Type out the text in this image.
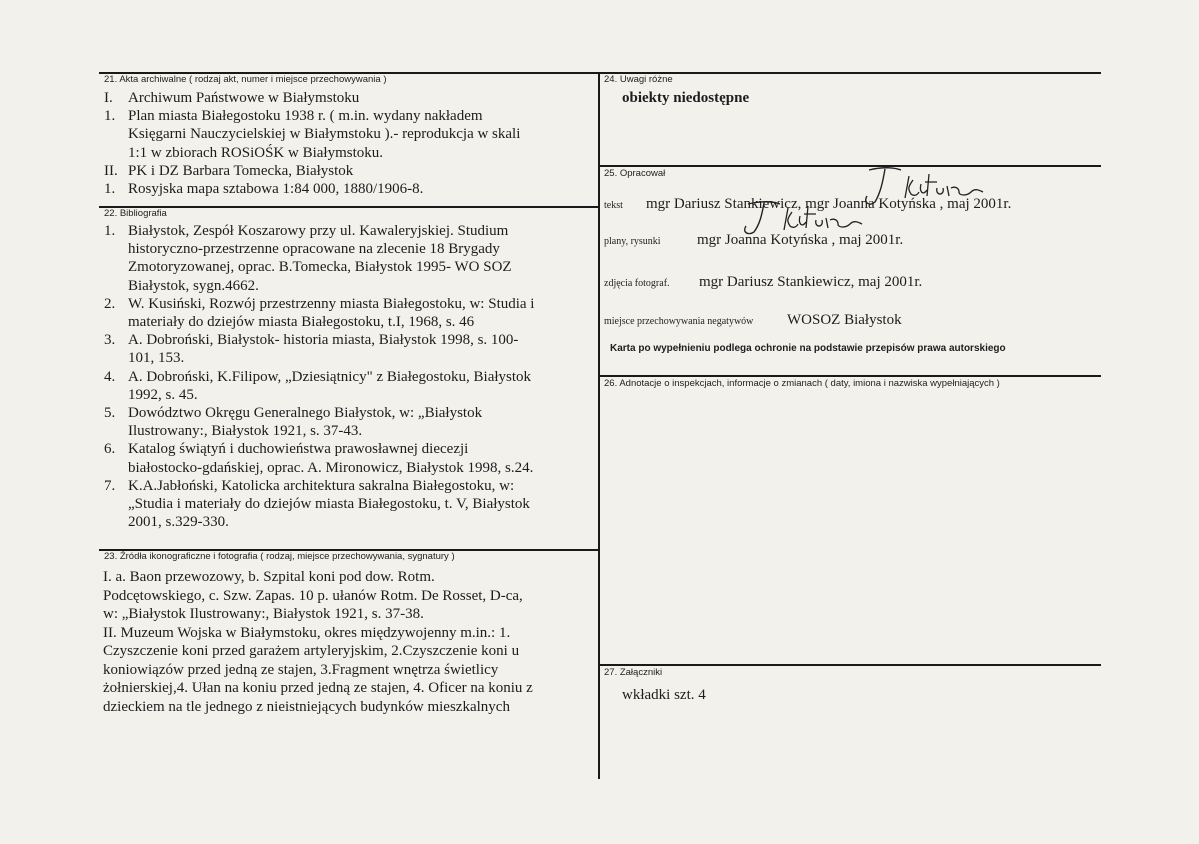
21. Akta archiwalne ( rodzaj akt, numer i miejsce przechowywania )
I. Archiwum Państwowe w Białymstoku
1. Plan miasta Białegostoku 1938 r. ( m.in. wydany nakładem
Księgarni Nauczycielskiej w Białymstoku ).- reprodukcja w skali
1:1 w zbiorach ROSiOŚK w Białymstoku.
II. PK i DZ Barbara Tomecka, Białystok
1. Rosyjska mapa sztabowa 1:84 000, 1880/1906-8.
22. Bibliografia
1. Białystok, Zespół Koszarowy przy ul. Kawaleryjskiej. Studium
historyczno-przestrzenne opracowane na zlecenie 18 Brygady
Zmotoryzowanej, oprac. B.Tomecka, Białystok 1995- WO SOZ
Białystok, sygn.4662.
2. W. Kusiński, Rozwój przestrzenny miasta Białegostoku, w: Studia i
materiały do dziejów miasta Białegostoku, t.I, 1968, s. 46
3. A. Dobroński, Białystok- historia miasta, Białystok 1998, s. 100-
101, 153.
4. A. Dobroński, K.Filipow, „Dziesiątnicy" z Białegostoku, Białystok
1992, s. 45.
5. Dowództwo Okręgu Generalnego Białystok, w: „Białystok
Ilustrowany:, Białystok 1921, s. 37-43.
6. Katalog świątyń i duchowieństwa prawosławnej diecezji
białostocko-gdańskiej, oprac. A. Mironowicz, Białystok 1998, s.24.
7. K.A.Jabłoński, Katolicka architektura sakralna Białegostoku, w:
„Studia i materiały do dziejów miasta Białegostoku, t. V, Białystok
2001, s.329-330.
23. Źródła ikonograficzne i fotografia ( rodzaj, miejsce przechowywania, sygnatury )
I. a. Baon przewozowy, b. Szpital koni pod dow. Rotm.
Podcętowskiego, c. Szw. Zapas. 10 p. ułanów Rotm. De Rosset, D-ca,
w: „Białystok Ilustrowany:, Białystok 1921, s. 37-38.
II. Muzeum Wojska w Białymstoku, okres międzywojenny m.in.: 1.
Czyszczenie koni przed garażem artyleryjskim, 2.Czyszczenie koni u
koniowiązów przed jedną ze stajen, 3.Fragment wnętrza świetlicy
żołnierskiej,4. Ułan na koniu przed jedną ze stajen, 4. Oficer na koniu z
dzieckiem na tle jednego z nieistniejących budynków mieszkalnych
24. Uwagi różne
obiekty niedostępne
25. Opracował
tekst mgr Dariusz Stankiewicz, mgr Joanna Kotyńska , maj 2001r.
plany, rysunki mgr Joanna Kotyńska , maj 2001r.
zdjęcia fotograf. mgr Dariusz Stankiewicz, maj 2001r.
miejsce przechowywania negatywów WOSOZ Białystok
Karta po wypełnieniu podlega ochronie na podstawie przepisów prawa autorskiego
26. Adnotacje o inspekcjach, informacje o zmianach ( daty, imiona i nazwiska wypełniających )
27. Załączniki
wkładki szt. 4
